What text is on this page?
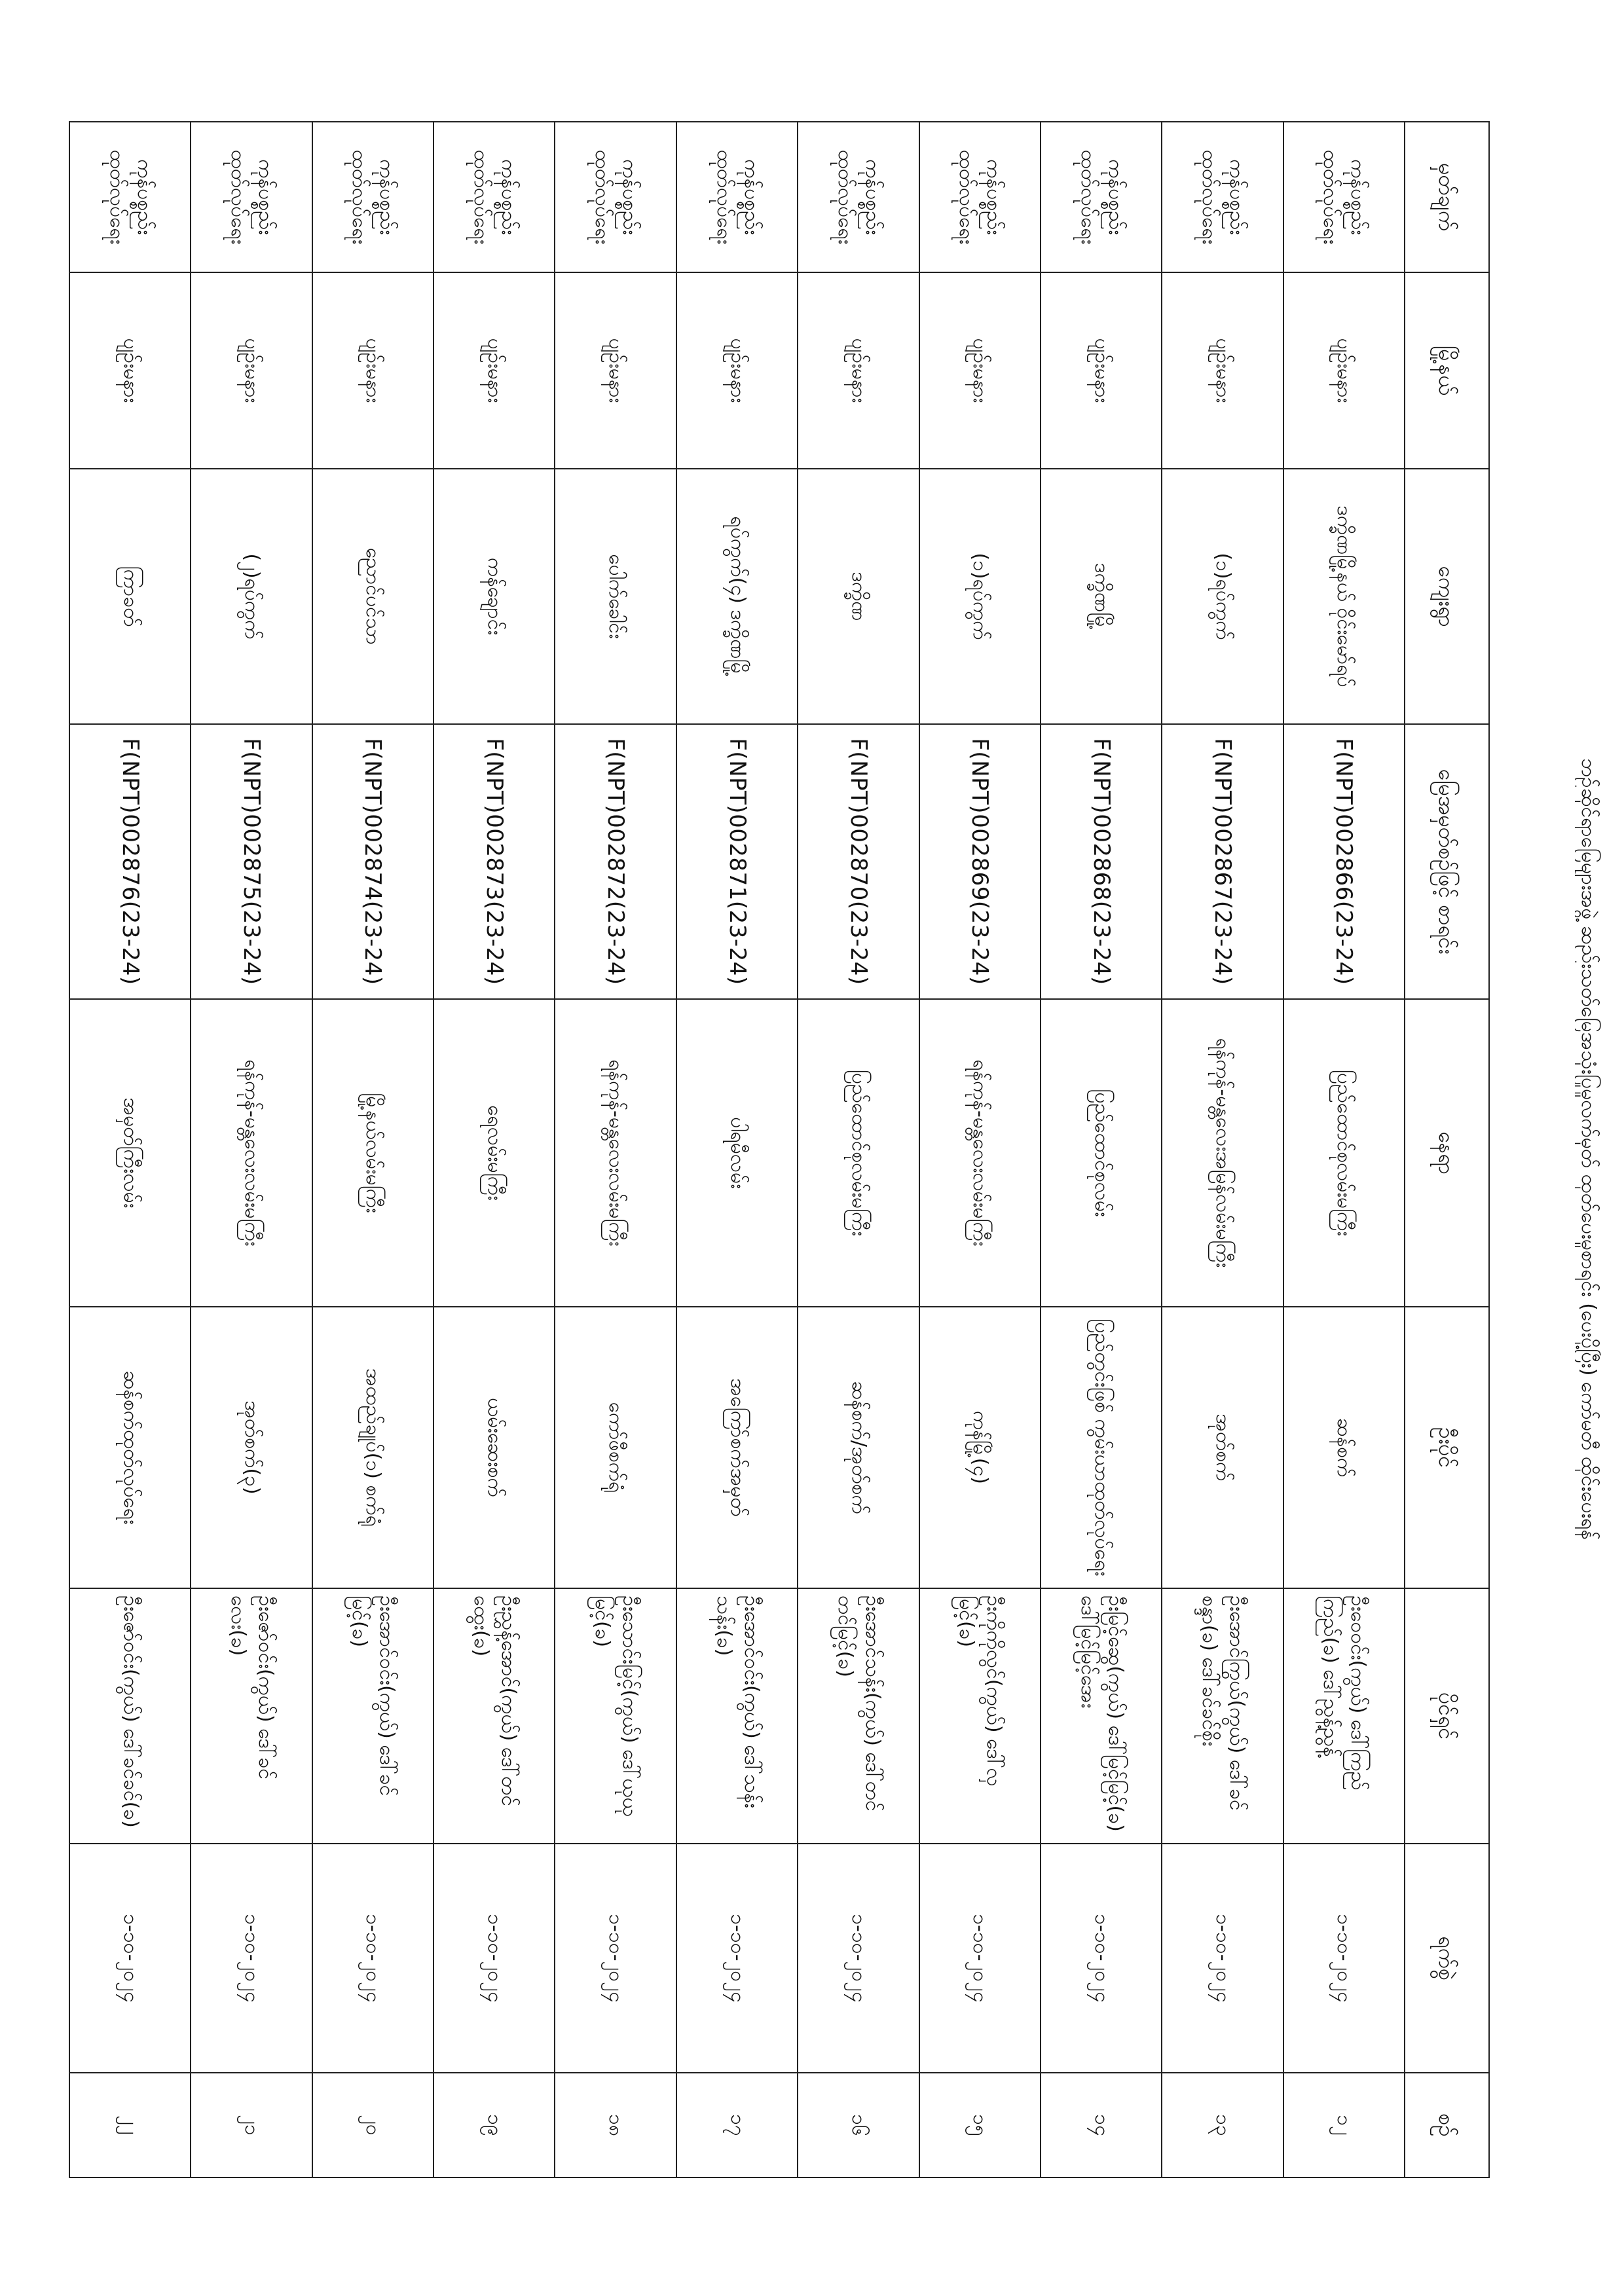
ဘဉ်ဆိုင်ရာမြေများအဖွဲ့ ဆည်းသတ်မြေအသုံးပြုမှုလက်မှတ် ထုတ်ပေးမှုစာရင်း (ပေးပို့ပြီး) ကော်မတီ ထိုင်းပေးရန်
မှတ်ချက်	မြို့နယ်	ကျေးရွာ	မြေအမှတ်စဉ်ဖြင့် စာရင်း	နေရာ	ဦးပိုင်	ပိုင်ရှင်	ရက်စွဲ	စဉ်
ကုန်ပစ္စည်းထုတ်လုပ်ရေး	ပျဉ်းမနား	ဒက္ခိဏမြို့နယ် ဝိုင်းမော်ရပ်	F(NPT)002866(23-24)	ပြည်ထောင်စုလမ်းမကြီး	ဆန်စက်	ဦးဝေဝင်း(ကွယ်) ဒေါ်ကြည်ကြည်(ခ) ဒေါ်ညွန့်ညွန့်	၁-၁၀-၂၀၂၄	၁၂
ကုန်ပစ္စည်းထုတ်လုပ်ရေး	ပျဉ်းမနား	(၁)ရပ်ကွက်	F(NPT)002867(23-24)	ရန်ကုန်-မန္တလေးအမြန်လမ်းမကြီး	အုတ်စက်	ဦးအောင်ကြွယ်(ကွယ်) ဒေါ်ခင်စန္ဒာ(ခ) ဒေါ်ခင်ခင်စိုး	၁-၁၀-၂၀၂၄	၁၃
ကုန်ပစ္စည်းထုတ်လုပ်ရေး	ပျဉ်းမနား	ဒက္ခိဏမြို့	F(NPT)002868(23-24)	ပြည်ထောင်စုလမ်း	ပြည်တွင်းဖြစ် ကွမ်းယာထုတ်လုပ်ရေး	ဦးမြင့်ဆွေ(ကွယ်) ဒေါ်မြင့်မြင့်(ခ) ဒေါ်မြင့်မြင့်အေး	၁-၁၀-၂၀၂၄	၁၄
ကုန်ပစ္စည်းထုတ်လုပ်ရေး	ပျဉ်းမနား	(၁)ရပ်ကွက်	F(NPT)002869(23-24)	ရန်ကုန်-မန္တလေးလမ်းမကြီး	ကုန်မြို့(၄)	ဦးကိုကိုလွင်(ကွယ်) ဒေါ်လှမြင့်(ခ)	၁-၁၀-၂၀၂၄	၁၅
ကုန်ပစ္စည်းထုတ်လုပ်ရေး	ပျဉ်းမနား	ဒက္ခိဏ	F(NPT)002870(23-24)	ပြည်ထောင်စုလမ်းမကြီး	ဆန်စက်/အုတ်စက်	ဦးအောင်သန်း(ကွယ်) ဒေါ်တင်တင်မြင့်(ခ)	၁-၁၀-၂၀၂၄	၁၆
ကုန်ပစ္စည်းထုတ်လုပ်ရေး	ပျဉ်းမနား	ရပ်ကွက်(၄) ဒက္ခိဏမြို့	F(NPT)002871(23-24)	ပါရမီလမ်း	အကြော်စက်အမှတ်	ဦးအောင်ဝင်း(ကွယ်) ဒေါ်သန်းသန်း(ခ)	၁-၁၀-၂၀၂၄	၁၇
ကုန်ပစ္စည်းထုတ်လုပ်ရေး	ပျဉ်းမနား	ပေါက်ခေါင်း	F(NPT)002872(23-24)	ရန်ကုန်-မန္တလေးလမ်းမကြီး	ကော်ဖီစက်ရုံ	ဦးသောင်းမြင့်(ကွယ်) ဒေါ်ယုယုမြင့်(ခ)	၁-၁၀-၂၀၂၄	၁၈
ကုန်ပစ္စည်းထုတ်လုပ်ရေး	ပျဉ်းမနား	ကန်ချောင်း	F(NPT)002873(23-24)	ရေလမ်းမကြီး	ယမ်းဆေးစက်	ဦးညွှန့်အောင်(ကွယ်) ဒေါ်တင်ထွေး(ခ)	၁-၁၀-၂၀၂၄	၁၉
ကုန်ပစ္စည်းထုတ်လုပ်ရေး	ပျဉ်းမနား	ညောင်ပင်သာ	F(NPT)002874(23-24)	မြို့နယ်လမ်းမကြီး	အထည်ချုပ်(၁) စက်ရုံ	ဦးအောင်ဝင်း(ကွယ်) ဒေါ်ခင်မြင့်(ခ)	၁-၁၀-၂၀၂၄	၂၀
ကုန်ပစ္စည်းထုတ်လုပ်ရေး	ပျဉ်းမနား	(၂)ရပ်ကွက်	F(NPT)002875(23-24)	ရန်ကုန်-မန္တလေးလမ်းမကြီး	အုတ်စက်(၃)	ဦးဇော်ဝင်း(ကွယ်) ဒေါ်ခင်လေး(ခ)	၁-၁၀-၂၀၂၄	၂၁
ကုန်ပစ္စည်းထုတ်လုပ်ရေး	ပျဉ်းမနား	ကြာခတ်	F(NPT)002876(23-24)	အမှတ်ကြီးလမ်း	ဆန်စက်ထုတ်လုပ်ရေး	ဦးဇော်ဝင်း(ကွယ်) ဒေါ်ခင်ခင်(ခ)	၁-၁၀-၂၀၂၄	၂၂
